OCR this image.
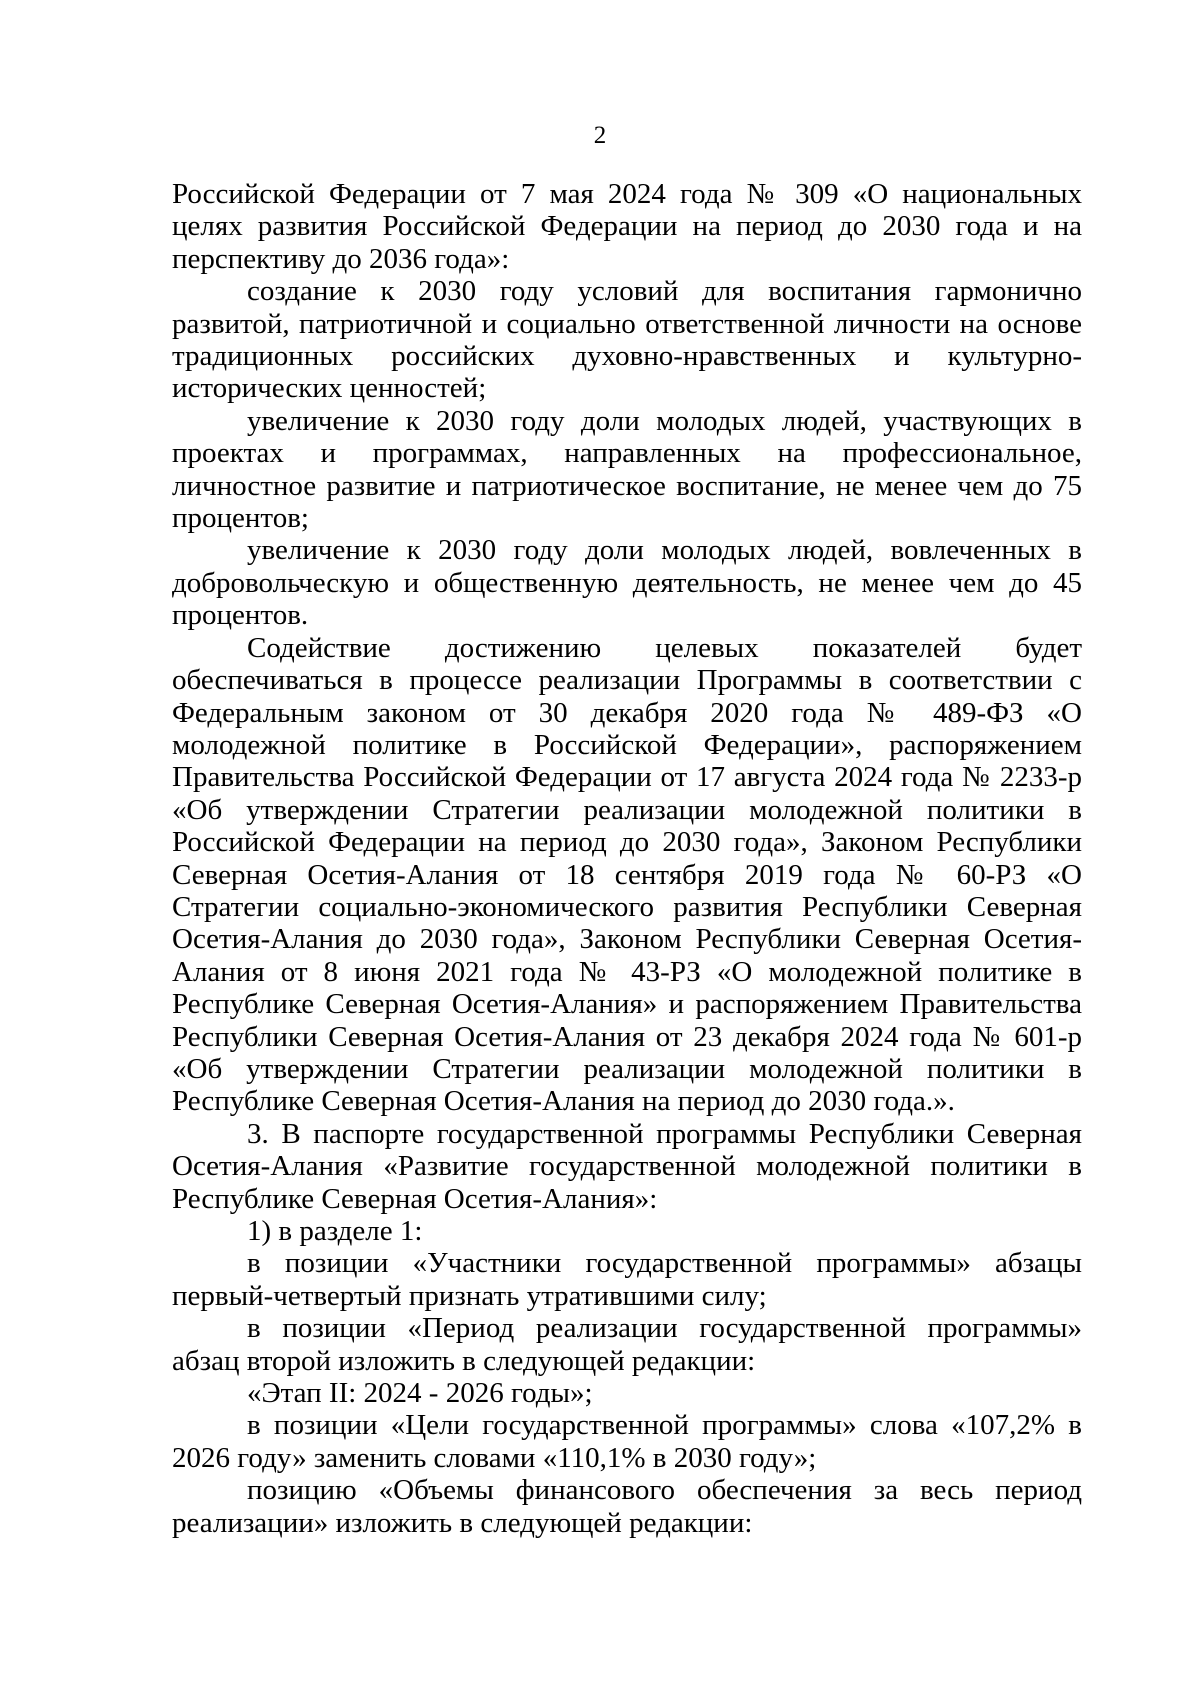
2

Российской Федерации от 7 мая 2024 года № 309 «О национальных целях развития Российской Федерации на период до 2030 года и на перспективу до 2036 года»:

создание к 2030 году условий для воспитания гармонично развитой, патриотичной и социально ответственной личности на основе традиционных российских духовно-нравственных и культурно-исторических ценностей;

увеличение к 2030 году доли молодых людей, участвующих в проектах и программах, направленных на профессиональное, личностное развитие и патриотическое воспитание, не менее чем до 75 процентов;

увеличение к 2030 году доли молодых людей, вовлеченных в добровольческую и общественную деятельность, не менее чем до 45 процентов.

Содействие достижению целевых показателей будет обеспечиваться в процессе реализации Программы в соответствии с Федеральным законом от 30 декабря 2020 года № 489-ФЗ «О молодежной политике в Российской Федерации», распоряжением Правительства Российской Федерации от 17 августа 2024 года № 2233-р «Об утверждении Стратегии реализации молодежной политики в Российской Федерации на период до 2030 года», Законом Республики Северная Осетия-Алания от 18 сентября 2019 года № 60-РЗ «О Стратегии социально-экономического развития Республики Северная Осетия-Алания до 2030 года», Законом Республики Северная Осетия-Алания от 8 июня 2021 года № 43-РЗ «О молодежной политике в Республике Северная Осетия-Алания» и распоряжением Правительства Республики Северная Осетия-Алания от 23 декабря 2024 года № 601-р «Об утверждении Стратегии реализации молодежной политики в Республике Северная Осетия-Алания на период до 2030 года.».

3. В паспорте государственной программы Республики Северная Осетия-Алания «Развитие государственной молодежной политики в Республике Северная Осетия-Алания»:

1) в разделе 1:

в позиции «Участники государственной программы» абзацы первый-четвертый признать утратившими силу;

в позиции «Период реализации государственной программы» абзац второй изложить в следующей редакции:

«Этап II: 2024 - 2026 годы»;

в позиции «Цели государственной программы» слова «107,2% в 2026 году» заменить словами «110,1% в 2030 году»;

позицию «Объемы финансового обеспечения за весь период реализации» изложить в следующей редакции:
